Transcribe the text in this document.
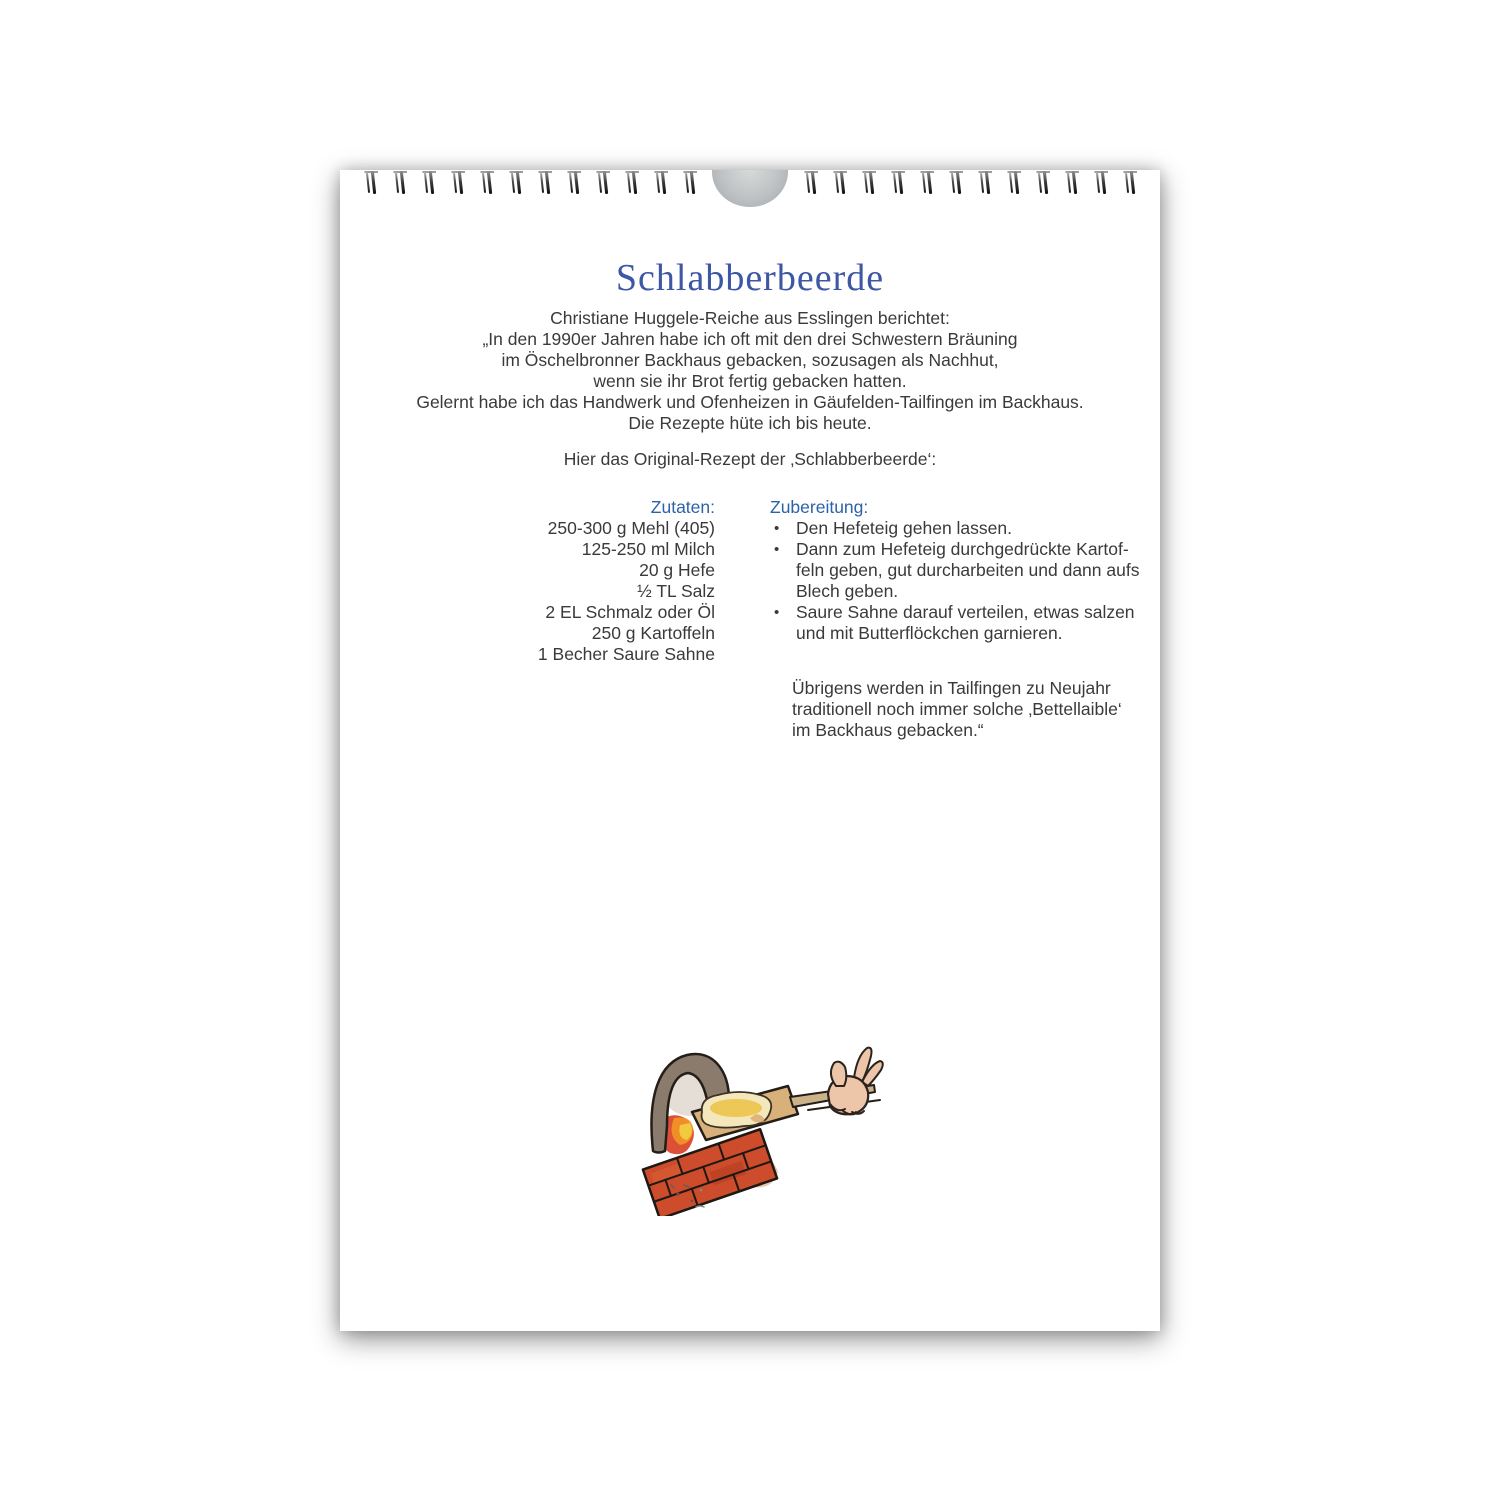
Schlabberbeerde
Christiane Huggele-Reiche aus Esslingen berichtet:
„In den 1990er Jahren habe ich oft mit den drei Schwestern Bräuning
im Öschelbronner Backhaus gebacken, sozusagen als Nachhut,
wenn sie ihr Brot fertig gebacken hatten.
Gelernt habe ich das Handwerk und Ofenheizen in Gäufelden-Tailfingen im Backhaus.
Die Rezepte hüte ich bis heute.
Hier das Original-Rezept der ‚Schlabberbeerde‘:
Zutaten:
250-300 g Mehl (405)
125-250 ml Milch
20 g Hefe
½ TL Salz
2 EL Schmalz oder Öl
250 g Kartoffeln
1 Becher Saure Sahne
Zubereitung:
• Den Hefeteig gehen lassen.
• Dann zum Hefeteig durchgedrückte Kartof-
feln geben, gut durcharbeiten und dann aufs
Blech geben.
• Saure Sahne darauf verteilen, etwas salzen
und mit Butterflöckchen garnieren.
Übrigens werden in Tailfingen zu Neujahr
traditionell noch immer solche ‚Bettellaible‘
im Backhaus gebacken.“
